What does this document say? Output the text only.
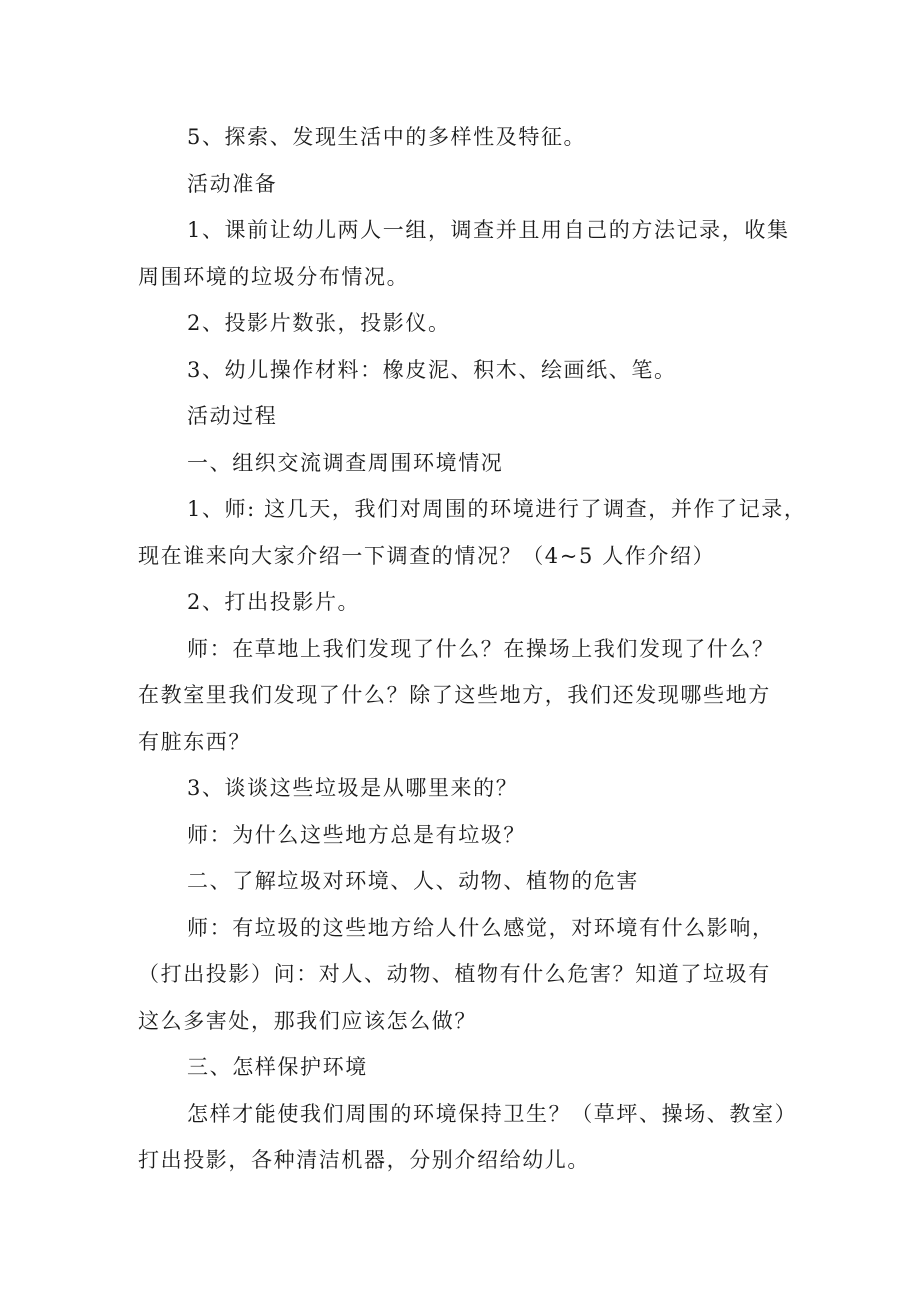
5、探索、发现生活中的多样性及特征。
活动准备
1、课前让幼儿两人一组，调查并且用自己的方法记录，收集
周围环境的垃圾分布情况。
2、投影片数张，投影仪。
3、幼儿操作材料：橡皮泥、积木、绘画纸、笔。
活动过程
一、组织交流调查周围环境情况
1、师: 这几天，我们对周围的环境进行了调查，并作了记录，
现在谁来向大家介绍一下调查的情况？（4~5 人作介绍）
2、打出投影片。
师：在草地上我们发现了什么？在操场上我们发现了什么？
在教室里我们发现了什么？除了这些地方，我们还发现哪些地方
有脏东西？
3、谈谈这些垃圾是从哪里来的？
师：为什么这些地方总是有垃圾？
二、了解垃圾对环境、人、动物、植物的危害
师：有垃圾的这些地方给人什么感觉，对环境有什么影响，
（打出投影）问：对人、动物、植物有什么危害？知道了垃圾有
这么多害处，那我们应该怎么做？
三、怎样保护环境
怎样才能使我们周围的环境保持卫生？（草坪、操场、教室）
打出投影，各种清洁机器，分别介绍给幼儿。
